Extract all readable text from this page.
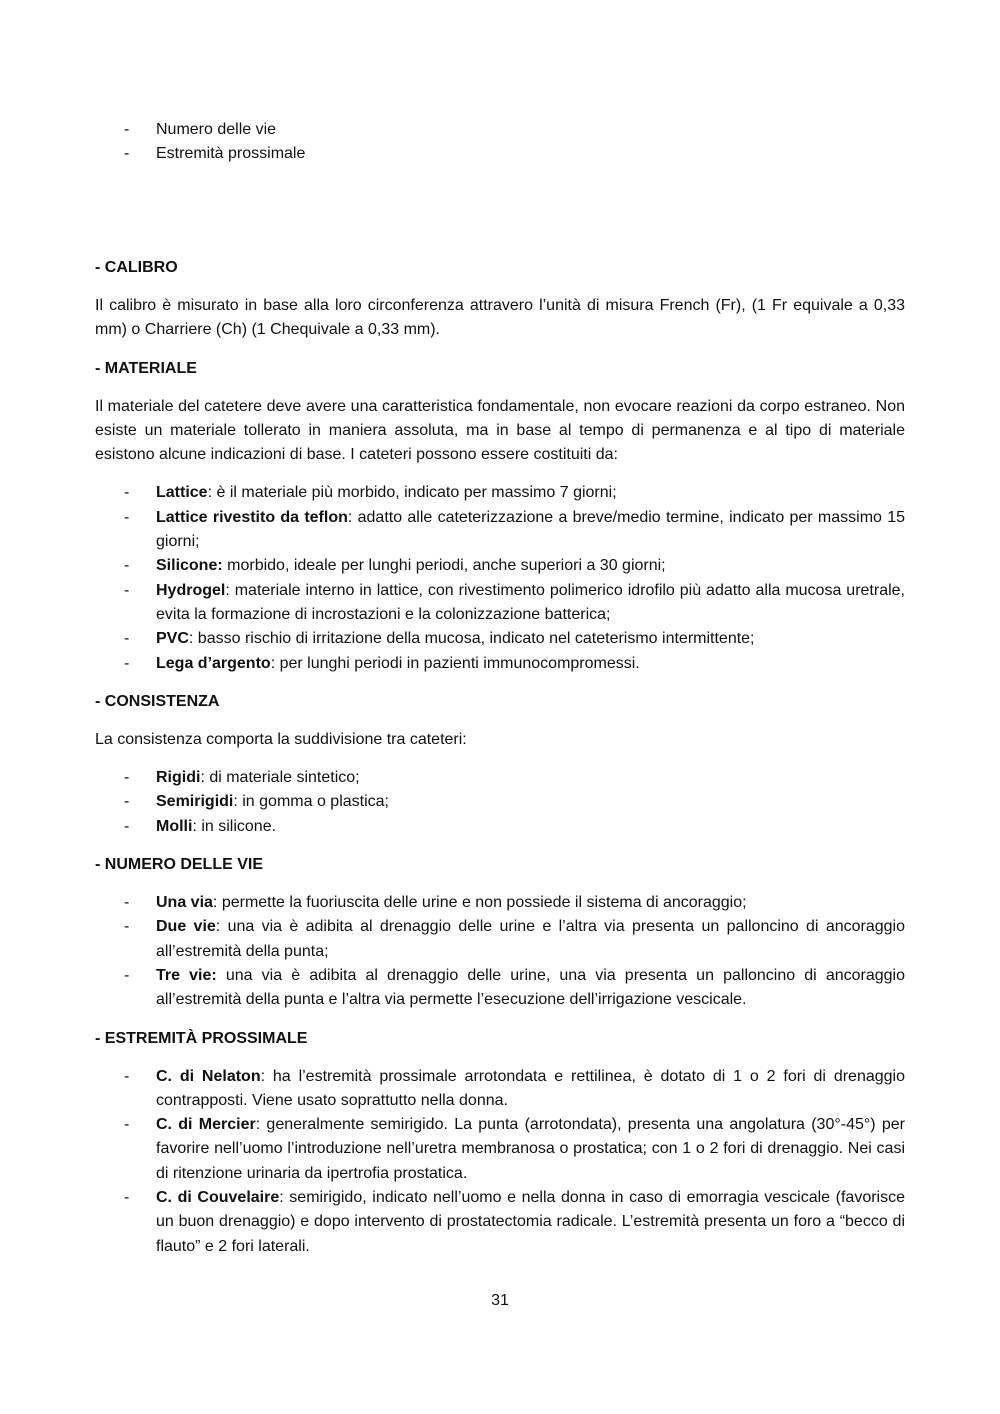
- Numero delle vie
- Estremità prossimale
- CALIBRO

Il calibro è misurato in base alla loro circonferenza attravero l’unità di misura French (Fr), (1 Fr equivale a 0,33 mm) o Charriere (Ch) (1 Chequivale a 0,33 mm).

- MATERIALE

Il materiale del catetere deve avere una caratteristica fondamentale, non evocare reazioni da corpo estraneo. Non esiste un materiale tollerato in maniera assoluta, ma in base al tempo di permanenza e al tipo di materiale esistono alcune indicazioni di base. I cateteri possono essere costituiti da:

- Lattice: è il materiale più morbido, indicato per massimo 7 giorni;
- Lattice rivestito da teflon: adatto alle cateterizzazione a breve/medio termine, indicato per massimo 15 giorni;
- Silicone: morbido, ideale per lunghi periodi, anche superiori a 30 giorni;
- Hydrogel: materiale interno in lattice, con rivestimento polimerico idrofilo più adatto alla mucosa uretrale, evita la formazione di incrostazioni e la colonizzazione batterica;
- PVC: basso rischio di irritazione della mucosa, indicato nel cateterismo intermittente;
- Lega d’argento: per lunghi periodi in pazienti immunocompromessi.
- CONSISTENZA

La consistenza comporta la suddivisione tra cateteri:

- Rigidi: di materiale sintetico;
- Semirigidi: in gomma o plastica;
- Molli: in silicone.
- NUMERO DELLE VIE
- Una via: permette la fuoriuscita delle urine e non possiede il sistema di ancoraggio;
- Due vie: una via è adibita al drenaggio delle urine e l’altra via presenta un palloncino di ancoraggio all’estremità della punta;
- Tre vie: una via è adibita al drenaggio delle urine, una via presenta un palloncino di ancoraggio all’estremità della punta e l’altra via permette l’esecuzione dell’irrigazione vescicale.
- ESTREMITÀ PROSSIMALE
- C. di Nelaton: ha l’estremità prossimale arrotondata e rettilinea, è dotato di 1 o 2 fori di drenaggio contrapposti. Viene usato soprattutto nella donna.
- C. di Mercier: generalmente semirigido. La punta (arrotondata), presenta una angolatura (30°-45°) per favorire nell’uomo l’introduzione nell’uretra membranosa o prostatica; con 1 o 2 fori di drenaggio. Nei casi di ritenzione urinaria da ipertrofia prostatica.
- C. di Couvelaire: semirigido, indicato nell’uomo e nella donna in caso di emorragia vescicale (favorisce un buon drenaggio) e dopo intervento di prostatectomia radicale. L’estremità presenta un foro a “becco di flauto” e 2 fori laterali.
31
